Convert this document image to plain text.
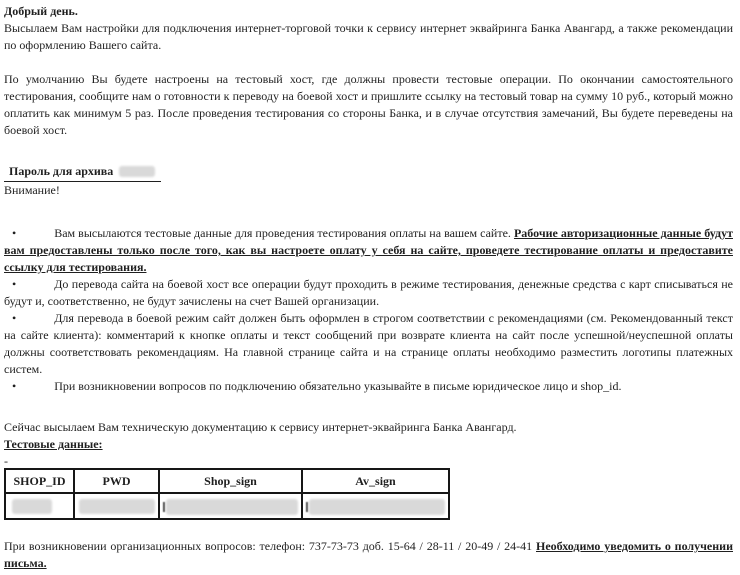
Добрый день.

Высылаем Вам настройки для подключения интернет-торговой точки к сервису интернет эквайринга Банка Авангард, а также рекомендации по оформлению Вашего сайта.

По умолчанию Вы будете настроены на тестовый хост, где должны провести тестовые операции. По окончании самостоятельного тестирования, сообщите нам о готовности к переводу на боевой хост и пришлите ссылку на тестовый товар на сумму 10 руб., который можно оплатить как минимум 5 раз. После проведения тестирования со стороны Банка, и в случае отсутствия замечаний, Вы будете переведены на боевой хост.

Пароль для архива

Внимание!

•	Вам высылаются тестовые данные для проведения тестирования оплаты на вашем сайте. Рабочие авторизационные данные будут вам предоставлены только после того, как вы настроете оплату у себя на сайте, проведете тестирование оплаты и предоставите ссылку для тестирования.

•	До перевода сайта на боевой хост все операции будут проходить в режиме тестирования, денежные средства с карт списываться не будут и, соответственно, не будут зачислены на счет Вашей организации.

•	Для перевода в боевой режим сайт должен быть оформлен в строгом соответствии с рекомендациями (см. Рекомендованный текст на сайте клиента): комментарий к кнопке оплаты и текст сообщений при возврате клиента на сайт после успешной/неуспешной оплаты должны соответствовать рекомендациям. На главной странице сайта и на странице оплаты необходимо разместить логотипы платежных систем.

•	При возникновении вопросов по подключению обязательно указывайте в письме юридическое лицо и shop_id.

Сейчас высылаем Вам техническую документацию к сервису интернет-эквайринга Банка Авангард.

Тестовые данные:

-

SHOP_ID	PWD	Shop_sign	Av_sign

При возникновении организационных вопросов: телефон: 737-73-73 доб. 15-64 / 28-11 / 20-49 / 24-41 Необходимо уведомить о получении письма.
